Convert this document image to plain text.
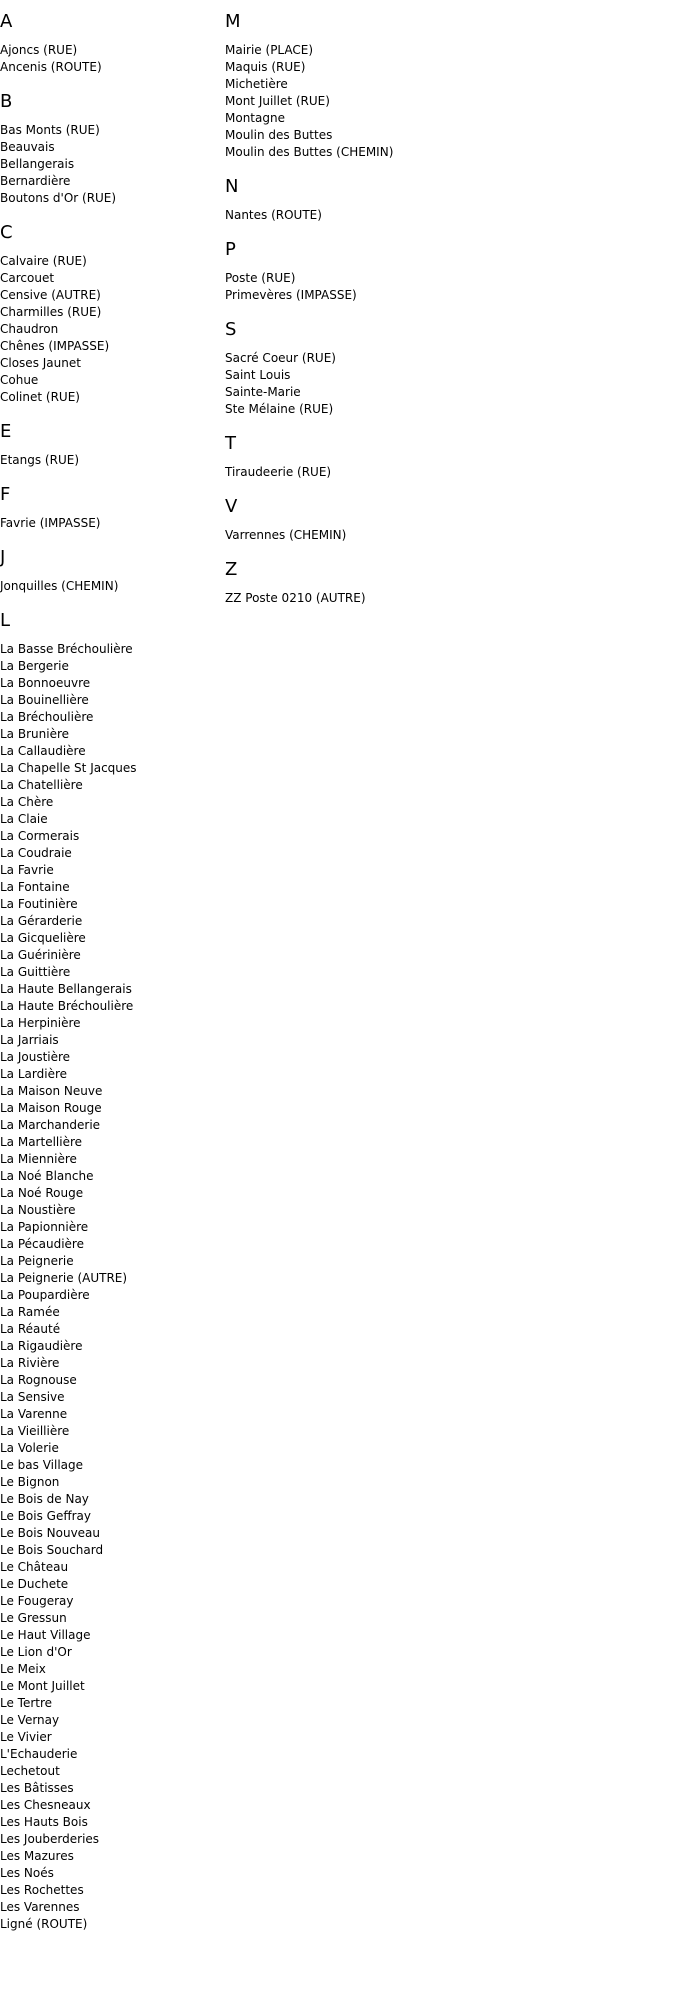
A
Ajoncs (RUE)
Ancenis (ROUTE)
B
Bas Monts (RUE)
Beauvais
Bellangerais
Bernardière
Boutons d'Or (RUE)
C
Calvaire (RUE)
Carcouet
Censive (AUTRE)
Charmilles (RUE)
Chaudron
Chênes (IMPASSE)
Closes Jaunet
Cohue
Colinet (RUE)
E
Etangs (RUE)
F
Favrie (IMPASSE)
J
Jonquilles (CHEMIN)
L
La Basse Bréchoulière
La Bergerie
La Bonnoeuvre
La Bouinellière
La Bréchoulière
La Brunière
La Callaudière
La Chapelle St Jacques
La Chatellière
La Chère
La Claie
La Cormerais
La Coudraie
La Favrie
La Fontaine
La Foutinière
La Gérarderie
La Gicquelière
La Guérinière
La Guittière
La Haute Bellangerais
La Haute Bréchoulière
La Herpinière
La Jarriais
La Joustière
La Lardière
La Maison Neuve
La Maison Rouge
La Marchanderie
La Martellière
La Miennière
La Noé Blanche
La Noé Rouge
La Noustière
La Papionnière
La Pécaudière
La Peignerie
La Peignerie (AUTRE)
La Poupardière
La Ramée
La Réauté
La Rigaudière
La Rivière
La Rognouse
La Sensive
La Varenne
La Vieillière
La Volerie
Le bas Village
Le Bignon
Le Bois de Nay
Le Bois Geffray
Le Bois Nouveau
Le Bois Souchard
Le Château
Le Duchete
Le Fougeray
Le Gressun
Le Haut Village
Le Lion d'Or
Le Meix
Le Mont Juillet
Le Tertre
Le Vernay
Le Vivier
L'Echauderie
Lechetout
Les Bâtisses
Les Chesneaux
Les Hauts Bois
Les Jouberderies
Les Mazures
Les Noés
Les Rochettes
Les Varennes
Ligné (ROUTE)
M
Mairie (PLACE)
Maquis (RUE)
Michetière
Mont Juillet (RUE)
Montagne
Moulin des Buttes
Moulin des Buttes (CHEMIN)
N
Nantes (ROUTE)
P
Poste (RUE)
Primevères (IMPASSE)
S
Sacré Coeur (RUE)
Saint Louis
Sainte-Marie
Ste Mélaine (RUE)
T
Tiraudeerie (RUE)
V
Varrennes (CHEMIN)
Z
ZZ Poste 0210 (AUTRE)
